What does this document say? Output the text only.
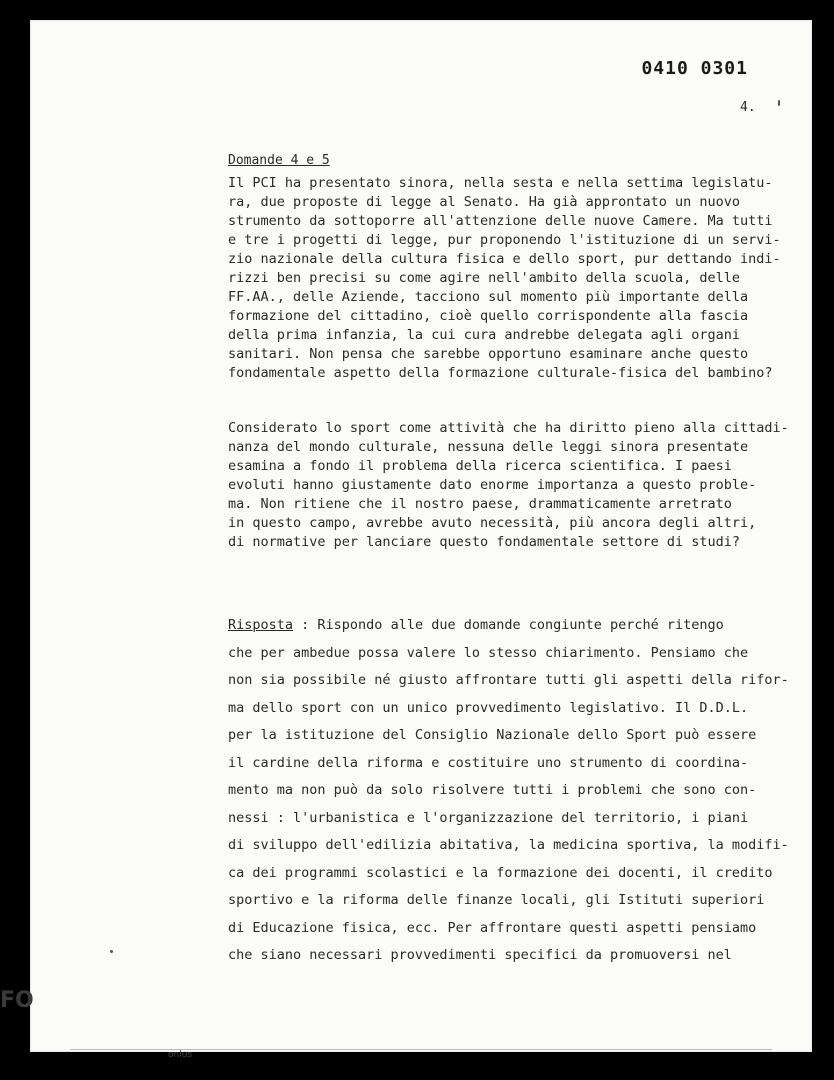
0410 0301
4.
Domande 4 e 5

Il PCI ha presentato sinora, nella sesta e nella settima legislatu-
ra, due proposte di legge al Senato. Ha già approntato un nuovo
strumento da sottoporre all'attenzione delle nuove Camere. Ma tutti
e tre i progetti di legge, pur proponendo l'istituzione di un servi-
zio nazionale della cultura fisica e dello sport, pur dettando indi-
rizzi ben precisi su come agire nell'ambito della scuola, delle
FF.AA., delle Aziende, tacciono sul momento più importante della
formazione del cittadino, cioè quello corrispondente alla fascia
della prima infanzia, la cui cura andrebbe delegata agli organi
sanitari. Non pensa che sarebbe opportuno esaminare anche questo
fondamentale aspetto della formazione culturale-fisica del bambino?

Considerato lo sport come attività che ha diritto pieno alla cittadi-
nanza del mondo culturale, nessuna delle leggi sinora presentate
esamina a fondo il problema della ricerca scientifica. I paesi
evoluti hanno giustamente dato enorme importanza a questo proble-
ma. Non ritiene che il nostro paese, drammaticamente arretrato
in questo campo, avrebbe avuto necessità, più ancora degli altri,
di normative per lanciare questo fondamentale settore di studi?

Risposta : Rispondo alle due domande congiunte perché ritengo
che per ambedue possa valere lo stesso chiarimento. Pensiamo che
non sia possibile né giusto affrontare tutti gli aspetti della rifor-
ma dello sport con un unico provvedimento legislativo. Il D.D.L.
per la istituzione del Consiglio Nazionale dello Sport può essere
il cardine della riforma e costituire uno strumento di coordina-
mento ma non può da solo risolvere tutti i problemi che sono con-
nessi : l'urbanistica e l'organizzazione del territorio, i piani
di sviluppo dell'edilizia abitativa, la medicina sportiva, la modifi-
ca dei programmi scolastici e la formazione dei docenti, il credito
sportivo e la riforma delle finanze locali, gli Istituti superiori
di Educazione fisica, ecc. Per affrontare questi aspetti pensiamo
che siano necessari provvedimenti specifici da promuoversi nel

FO
onlus
